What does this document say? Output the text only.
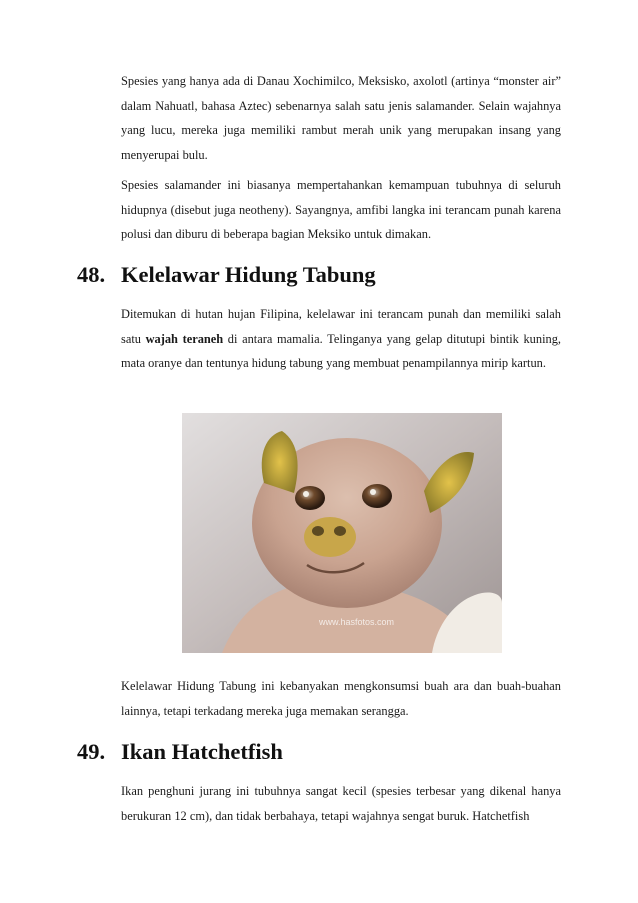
Spesies yang hanya ada di Danau Xochimilco, Meksisko, axolotl (artinya “monster air” dalam Nahuatl, bahasa Aztec) sebenarnya salah satu jenis salamander. Selain wajahnya yang lucu, mereka juga memiliki rambut merah unik yang merupakan insang yang menyerupai bulu.

Spesies salamander ini biasanya mempertahankan kemampuan tubuhnya di seluruh hidupnya (disebut juga neotheny). Sayangnya, amfibi langka ini terancam punah karena polusi dan diburu di beberapa bagian Meksiko untuk dimakan.

48. Kelelawar Hidung Tabung

Ditemukan di hutan hujan Filipina, kelelawar ini terancam punah dan memiliki salah satu wajah teraneh di antara mamalia. Telinganya yang gelap ditutupi bintik kuning, mata oranye dan tentunya hidung tabung yang membuat penampilannya mirip kartun.

www.hasfotos.com

Kelelawar Hidung Tabung ini kebanyakan mengkonsumsi buah ara dan buah-buahan lainnya, tetapi terkadang mereka juga memakan serangga.

49. Ikan Hatchetfish

Ikan penghuni jurang ini tubuhnya sangat kecil (spesies terbesar yang dikenal hanya berukuran 12 cm), dan tidak berbahaya, tetapi wajahnya sengat buruk. Hatchetfish
